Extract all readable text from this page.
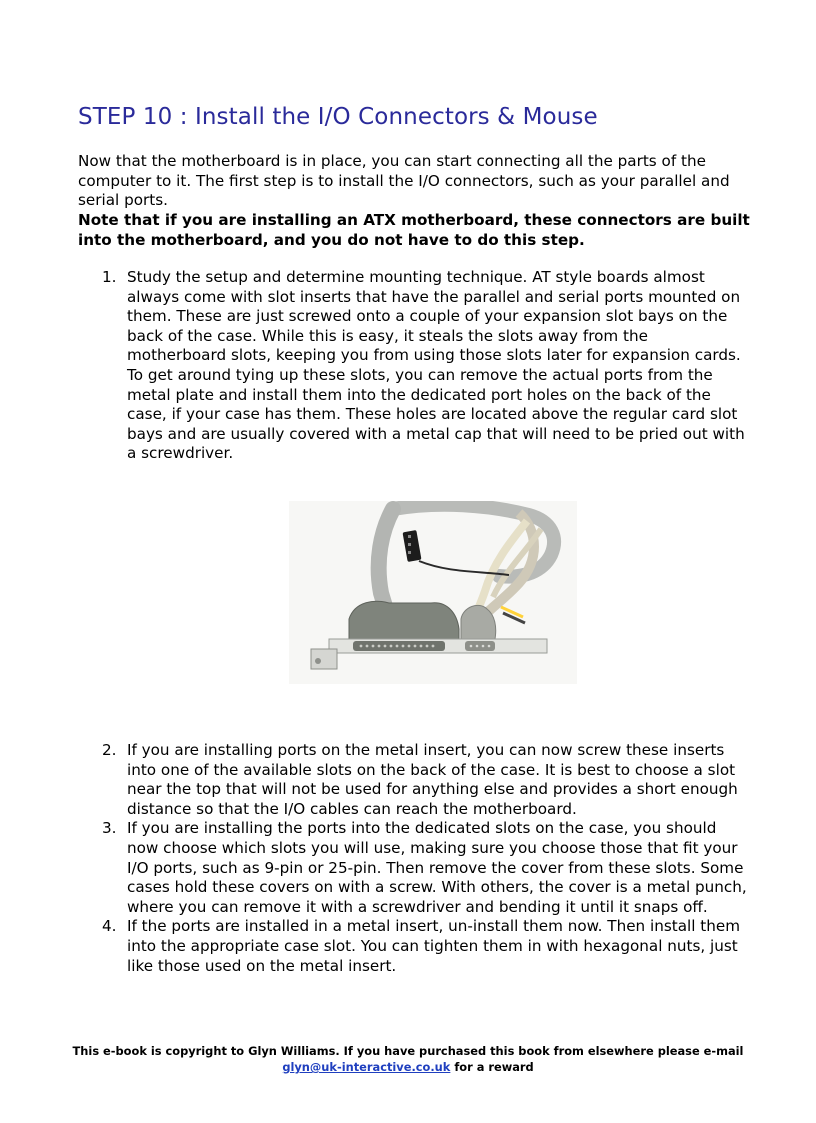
STEP 10 : Install the I/O Connectors & Mouse

Now that the motherboard is in place, you can start connecting all the parts of the computer to it. The first step is to install the I/O connectors, such as your parallel and serial ports.

Note that if you are installing an ATX motherboard, these connectors are built into the motherboard, and you do not have to do this step.

1. Study the setup and determine mounting technique. AT style boards almost always come with slot inserts that have the parallel and serial ports mounted on them. These are just screwed onto a couple of your expansion slot bays on the back of the case. While this is easy, it steals the slots away from the motherboard slots, keeping you from using those slots later for expansion cards. To get around tying up these slots, you can remove the actual ports from the metal plate and install them into the dedicated port holes on the back of the case, if your case has them. These holes are located above the regular card slot bays and are usually covered with a metal cap that will need to be pried out with a screwdriver.
2. If you are installing ports on the metal insert, you can now screw these inserts into one of the available slots on the back of the case. It is best to choose a slot near the top that will not be used for anything else and provides a short enough distance so that the I/O cables can reach the motherboard.
3. If you are installing the ports into the dedicated slots on the case, you should now choose which slots you will use, making sure you choose those that fit your I/O ports, such as 9-pin or 25-pin. Then remove the cover from these slots. Some cases hold these covers on with a screw. With others, the cover is a metal punch, where you can remove it with a screwdriver and bending it until it snaps off.
4. If the ports are installed in a metal insert, un-install them now. Then install them into the appropriate case slot. You can tighten them in with hexagonal nuts, just like those used on the metal insert.

This e-book is copyright to Glyn Williams. If you have purchased this book from elsewhere please e-mail glyn@uk-interactive.co.uk for a reward
